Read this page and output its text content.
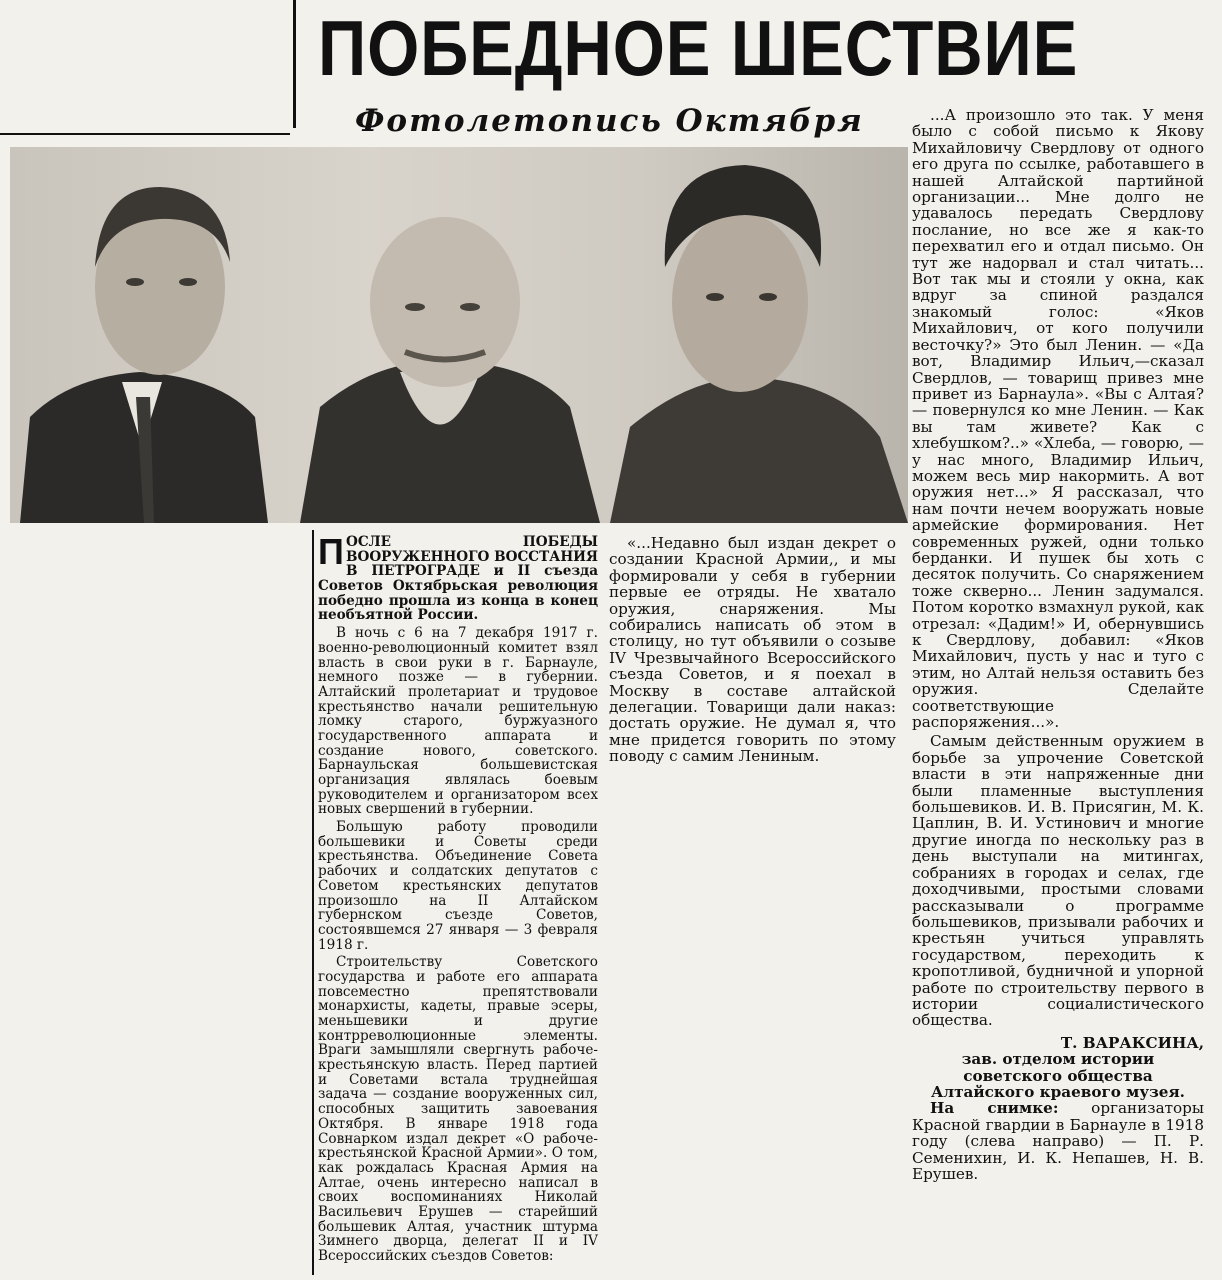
ПОБЕДНОЕ ШЕСТВИЕ
Фотолетопись Октября

ПОСЛЕ ПОБЕДЫ ВООРУЖЕННОГО ВОССТАНИЯ В ПЕТРОГРАДЕ и II съезда Советов Октябрьская революция победно прошла из конца в конец необъятной России.

В ночь с 6 на 7 декабря 1917 г. военно-революционный комитет взял власть в свои руки в г. Барнауле, немного позже — в губернии. Алтайский пролетариат и трудовое крестьянство начали решительную ломку старого, буржуазного государственного аппарата и создание нового, советского. Барнаульская большевистская организация являлась боевым руководителем и организатором всех новых свершений в губернии.

Большую работу проводили большевики и Советы среди крестьянства. Объединение Совета рабочих и солдатских депутатов с Советом крестьянских депутатов произошло на II Алтайском губернском съезде Советов, состоявшемся 27 января — 3 февраля 1918 г.

Строительству Советского государства и работе его аппарата повсеместно препятствовали монархисты, кадеты, правые эсеры, меньшевики и другие контрреволюционные элементы. Враги замышляли свергнуть рабоче-крестьянскую власть. Перед партией и Советами встала труднейшая задача — создание вооруженных сил, способных защитить завоевания Октября. В январе 1918 года Совнарком издал декрет «О рабоче-крестьянской Красной Армии». О том, как рождалась Красная Армия на Алтае, очень интересно написал в своих воспоминаниях Николай Васильевич Ерушев — старейший большевик Алтая, участник штурма Зимнего дворца, делегат II и IV Всероссийских съездов Советов:

«...Недавно был издан декрет о создании Красной Армии,, и мы формировали у себя в губернии первые ее отряды. Не хватало оружия, снаряжения. Мы собирались написать об этом в столицу, но тут объявили о созыве IV Чрезвычайного Всероссийского съезда Советов, и я поехал в Москву в составе алтайской делегации. Товарищи дали наказ: достать оружие. Не думал я, что мне придется говорить по этому поводу с самим Лениным.

...А произошло это так. У меня было с собой письмо к Якову Михайловичу Свердлову от одного его друга по ссылке, работавшего в нашей Алтайской партийной организации... Мне долго не удавалось передать Свердлову послание, но все же я как-то перехватил его и отдал письмо. Он тут же надорвал и стал читать... Вот так мы и стояли у окна, как вдруг за спиной раздался знакомый голос: «Яков Михайлович, от кого получили весточку?» Это был Ленин. — «Да вот, Владимир Ильич,—сказал Свердлов, — товарищ привез мне привет из Барнаула». «Вы с Алтая? — повернулся ко мне Ленин. — Как вы там живете? Как с хлебушком?..» «Хлеба, — говорю, — у нас много, Владимир Ильич, можем весь мир накормить. А вот оружия нет...» Я рассказал, что нам почти нечем вооружать новые армейские формирования. Нет современных ружей, одни только берданки. И пушек бы хоть с десяток получить. Со снаряжением тоже скверно... Ленин задумался. Потом коротко взмахнул рукой, как отрезал: «Дадим!» И, обернувшись к Свердлову, добавил: «Яков Михайлович, пусть у нас и туго с этим, но Алтай нельзя оставить без оружия. Сделайте соответствующие распоряжения...».

Самым действенным оружием в борьбе за упрочение Советской власти в эти напряженные дни были пламенные выступления большевиков. И. В. Присягин, М. К. Цаплин, В. И. Устинович и многие другие иногда по нескольку раз в день выступали на митингах, собраниях в городах и селах, где доходчивыми, простыми словами рассказывали о программе большевиков, призывали рабочих и крестьян учиться управлять государством, переходить к кропотливой, будничной и упорной работе по строительству первого в истории социалистического общества.

Т. ВАРАКСИНА,
зав. отделом истории советского общества Алтайского краевого музея.

На снимке: организаторы Красной гвардии в Барнауле в 1918 году (слева направо) — П. Р. Семенихин, И. К. Непашев, Н. В. Ерушев.
